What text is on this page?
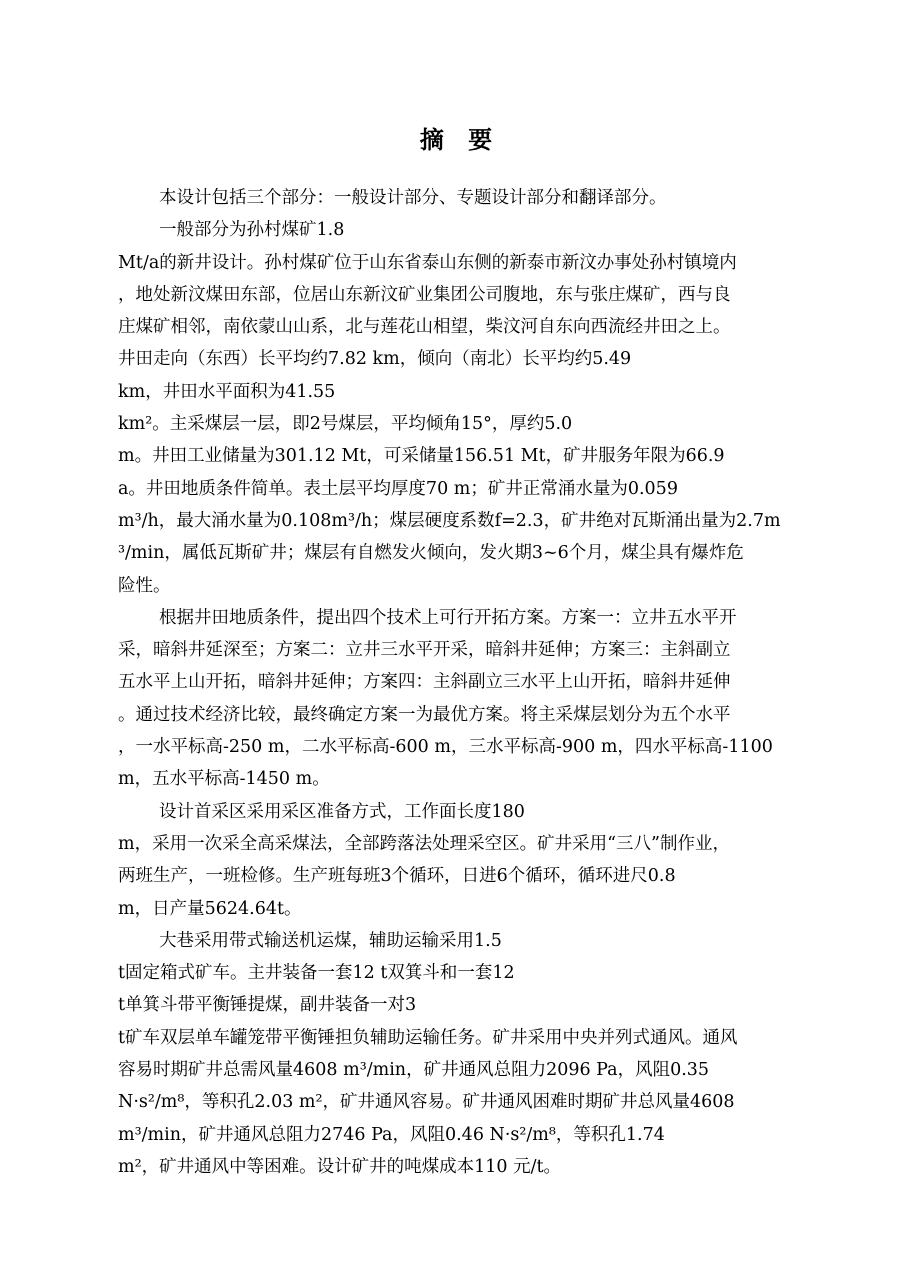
摘 要
本设计包括三个部分：一般设计部分、专题设计部分和翻译部分。
一般部分为孙村煤矿1.8
Mt/a的新井设计。孙村煤矿位于山东省泰山东侧的新泰市新汶办事处孙村镇境内
，地处新汶煤田东部，位居山东新汶矿业集团公司腹地，东与张庄煤矿，西与良
庄煤矿相邻，南依蒙山山系，北与莲花山相望，柴汶河自东向西流经井田之上。
井田走向（东西）长平均约7.82 km，倾向（南北）长平均约5.49
km，井田水平面积为41.55
km²。主采煤层一层，即2号煤层，平均倾角15°，厚约5.0
m。井田工业储量为301.12 Mt，可采储量156.51 Mt，矿井服务年限为66.9
a。井田地质条件简单。表土层平均厚度70 m；矿井正常涌水量为0.059
m³/h，最大涌水量为0.108m³/h；煤层硬度系数f=2.3，矿井绝对瓦斯涌出量为2.7m
³/min，属低瓦斯矿井；煤层有自燃发火倾向，发火期3~6个月，煤尘具有爆炸危
险性。
根据井田地质条件，提出四个技术上可行开拓方案。方案一：立井五水平开
采，暗斜井延深至；方案二：立井三水平开采，暗斜井延伸；方案三：主斜副立
五水平上山开拓，暗斜井延伸；方案四：主斜副立三水平上山开拓，暗斜井延伸
。通过技术经济比较，最终确定方案一为最优方案。将主采煤层划分为五个水平
，一水平标高-250 m，二水平标高-600 m，三水平标高-900 m，四水平标高-1100
m，五水平标高-1450 m。
设计首采区采用采区准备方式，工作面长度180
m，采用一次采全高采煤法，全部跨落法处理采空区。矿井采用“三八”制作业，
两班生产，一班检修。生产班每班3个循环，日进6个循环，循环进尺0.8
m，日产量5624.64t。
大巷采用带式输送机运煤，辅助运输采用1.5
t固定箱式矿车。主井装备一套12 t双箕斗和一套12
t单箕斗带平衡锤提煤，副井装备一对3
t矿车双层单车罐笼带平衡锤担负辅助运输任务。矿井采用中央并列式通风。通风
容易时期矿井总需风量4608 m³/min，矿井通风总阻力2096 Pa，风阻0.35
N·s²/m⁸，等积孔2.03 m²，矿井通风容易。矿井通风困难时期矿井总风量4608
m³/min，矿井通风总阻力2746 Pa，风阻0.46 N·s²/m⁸，等积孔1.74
m²，矿井通风中等困难。设计矿井的吨煤成本110 元/t。
